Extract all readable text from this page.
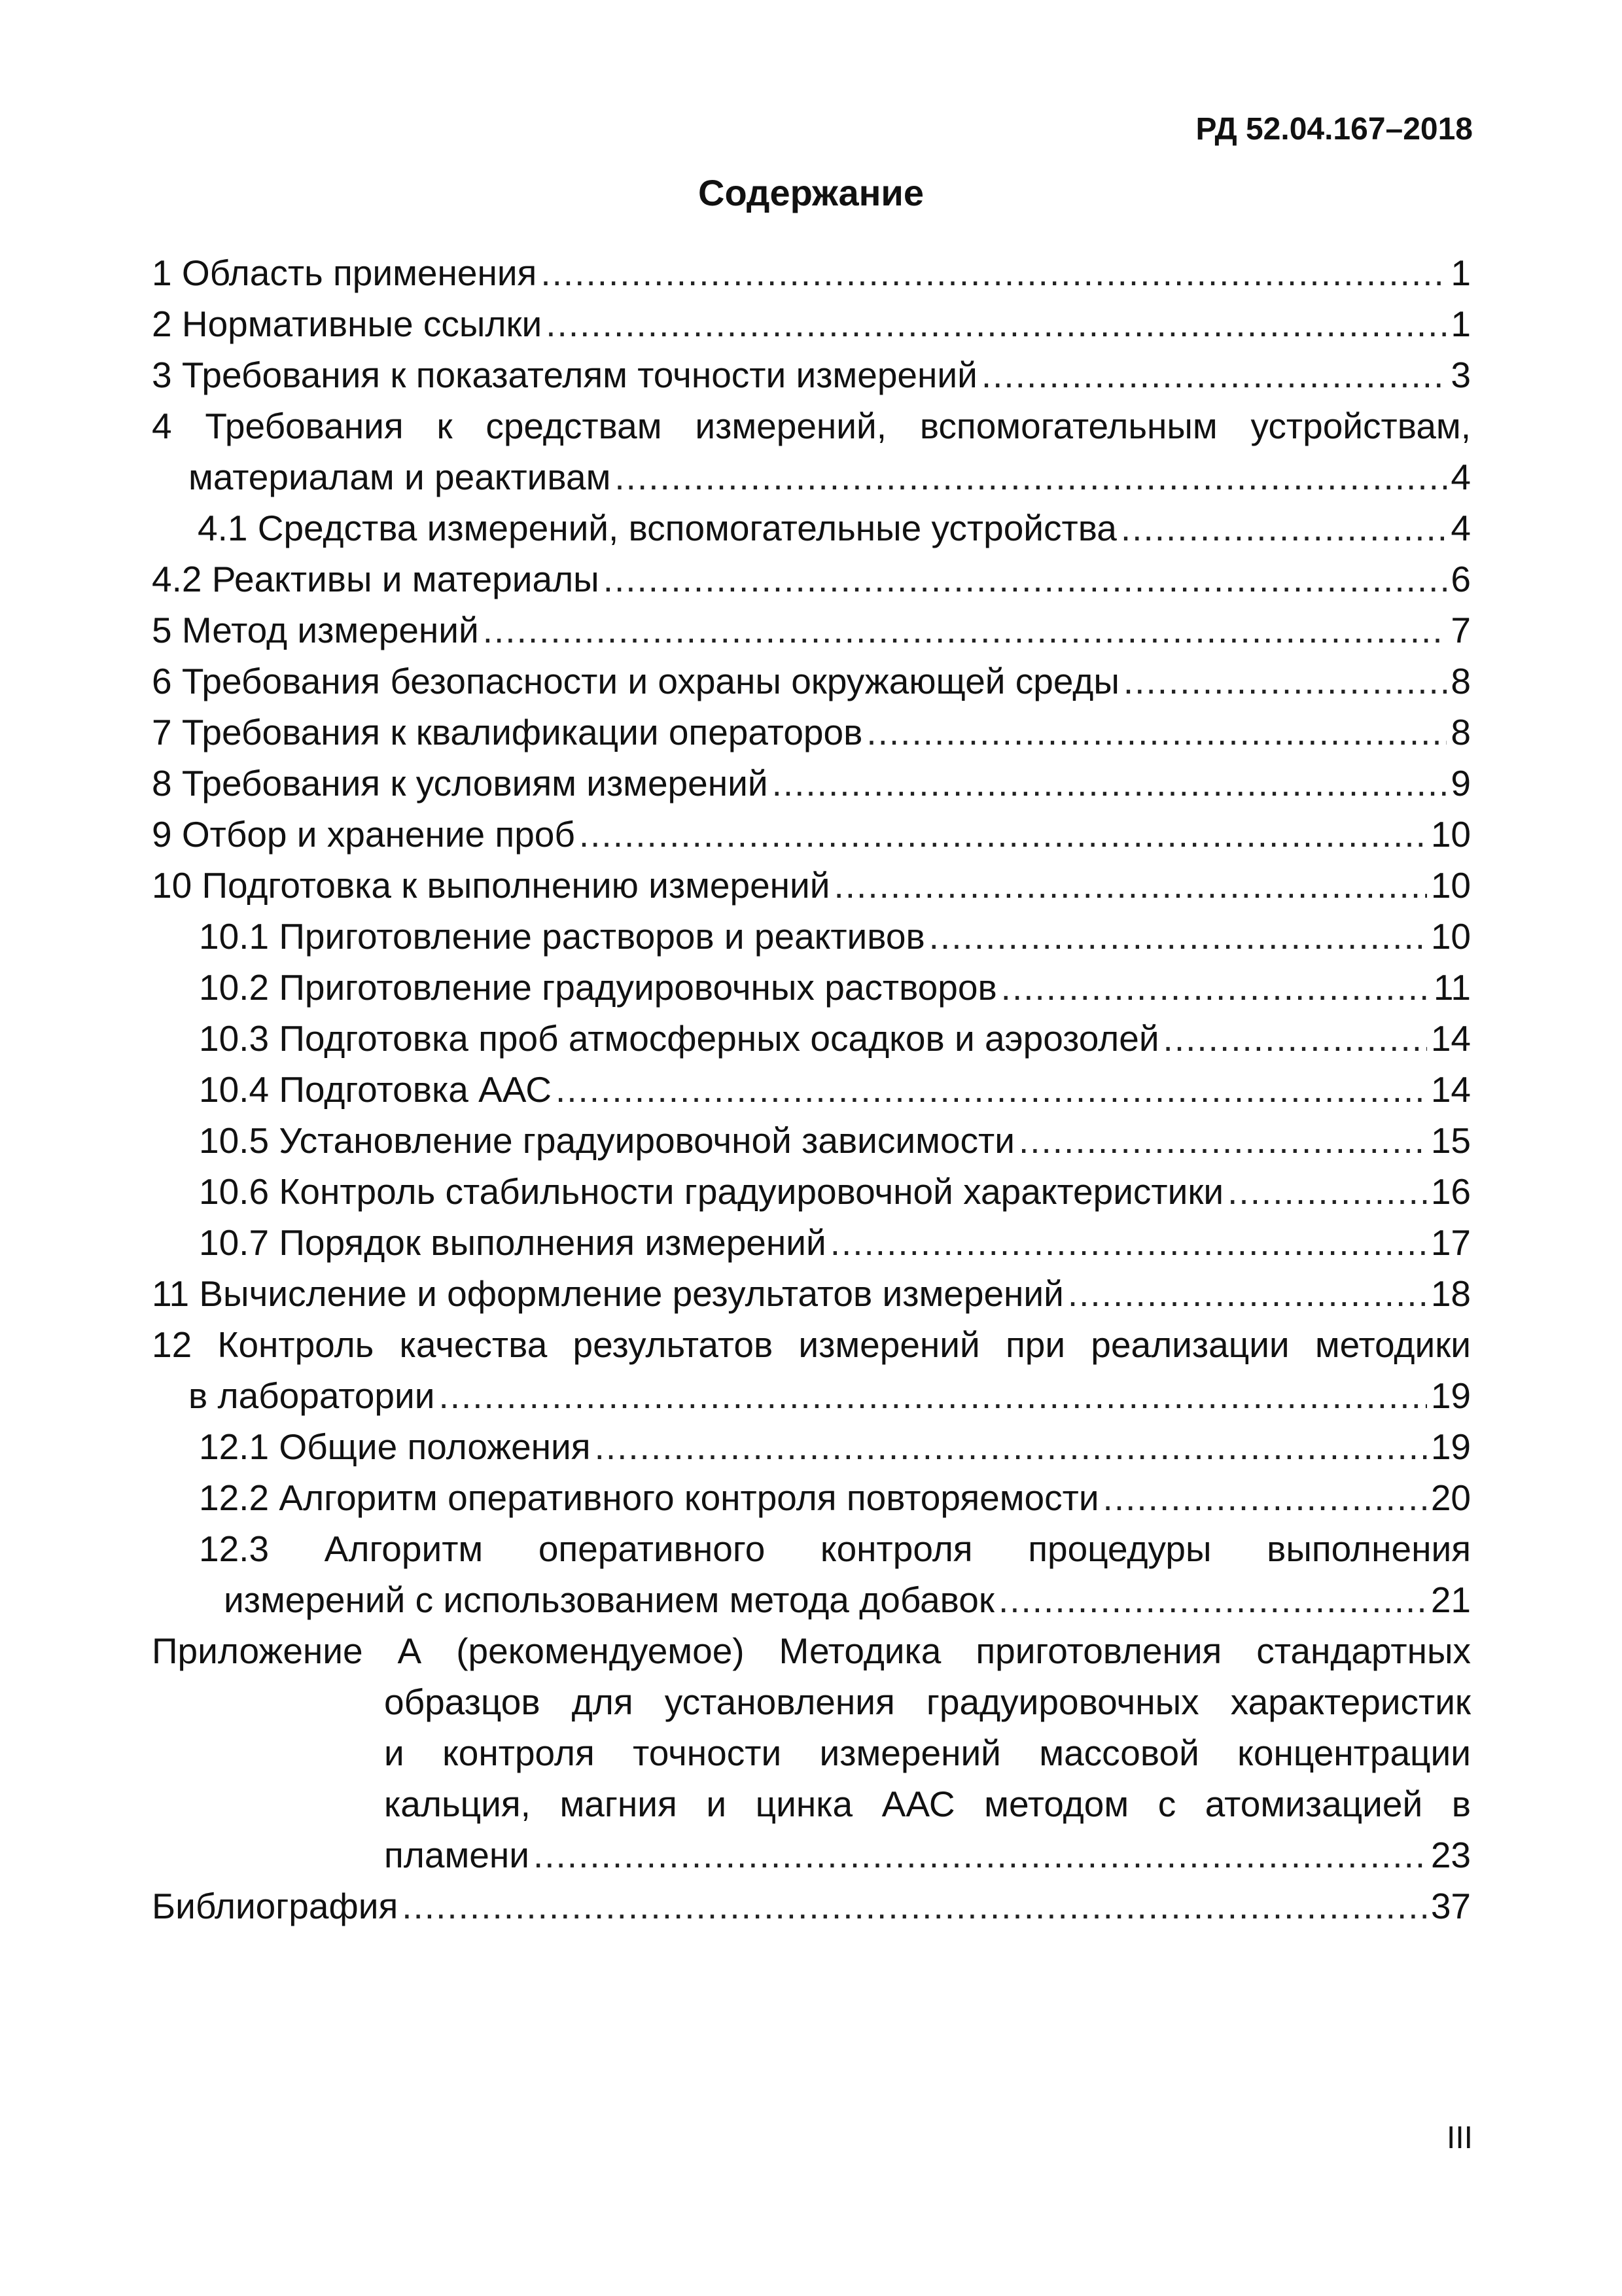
РД 52.04.167–2018
Содержание
1 Область применения .....	1
2 Нормативные ссылки .....	1
3 Требования к показателям точности измерений .....	3
4 Требования к средствам измерений, вспомогательным устройствам,
материалам и реактивам .....	4
4.1 Средства измерений, вспомогательные устройства .....	4
4.2 Реактивы и материалы .....	6
5 Метод измерений .....	7
6 Требования безопасности и охраны окружающей среды .....	8
7 Требования к квалификации операторов .....	8
8 Требования к условиям измерений .....	9
9 Отбор и хранение проб .....	10
10 Подготовка к выполнению измерений .....	10
10.1 Приготовление растворов и реактивов .....	10
10.2 Приготовление градуировочных растворов .....	11
10.3 Подготовка проб атмосферных осадков и аэрозолей .....	14
10.4 Подготовка ААС .....	14
10.5 Установление градуировочной зависимости .....	15
10.6 Контроль стабильности градуировочной характеристики .....	16
10.7 Порядок выполнения измерений .....	17
11 Вычисление и оформление результатов измерений .....	18
12 Контроль качества результатов измерений при реализации методики
в лаборатории .....	19
12.1 Общие положения .....	19
12.2 Алгоритм оперативного контроля повторяемости .....	20
12.3 Алгоритм оперативного контроля процедуры выполнения
измерений с использованием метода добавок .....	21
Приложение А (рекомендуемое) Методика приготовления стандартных
образцов для установления градуировочных характеристик
и контроля точности измерений массовой концентрации
кальция, магния и цинка ААС методом с атомизацией в
пламени .....	23
Библиография .....	37
III
